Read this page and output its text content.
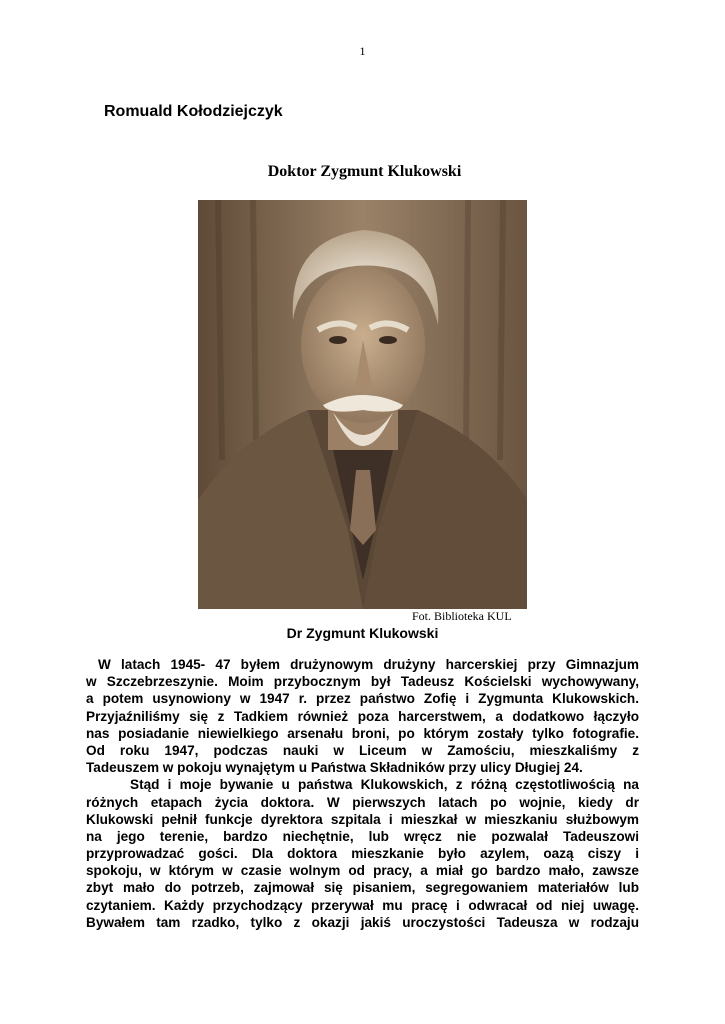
1
Romuald Kołodziejczyk
Doktor Zygmunt Klukowski
Fot. Biblioteka KUL
Dr Zygmunt Klukowski
W latach 1945- 47 byłem drużynowym drużyny harcerskiej przy Gimnazjum
w Szczebrzeszynie. Moim przybocznym był Tadeusz Kościelski wychowywany,
a potem usynowiony w 1947 r. przez państwo Zofię i Zygmunta Klukowskich.
Przyjaźniliśmy się z Tadkiem również poza harcerstwem, a dodatkowo łączyło
nas posiadanie niewielkiego arsenału broni, po którym zostały tylko fotografie.
Od roku 1947, podczas nauki w Liceum w Zamościu, mieszkaliśmy z
Tadeuszem w pokoju wynajętym u Państwa Składników przy ulicy Długiej 24.
Stąd i moje bywanie u państwa Klukowskich, z różną częstotliwością na
różnych etapach życia doktora. W pierwszych latach po wojnie, kiedy dr
Klukowski pełnił funkcje dyrektora szpitala i mieszkał w mieszkaniu służbowym
na jego terenie, bardzo niechętnie, lub wręcz nie pozwalał Tadeuszowi
przyprowadzać gości. Dla doktora mieszkanie było azylem, oazą ciszy i
spokoju, w którym w czasie wolnym od pracy, a miał go bardzo mało, zawsze
zbyt mało do potrzeb, zajmował się pisaniem, segregowaniem materiałów lub
czytaniem. Każdy przychodzący przerywał mu pracę i odwracał od niej uwagę.
Bywałem tam rzadko, tylko z okazji jakiś uroczystości Tadeusza w rodzaju
